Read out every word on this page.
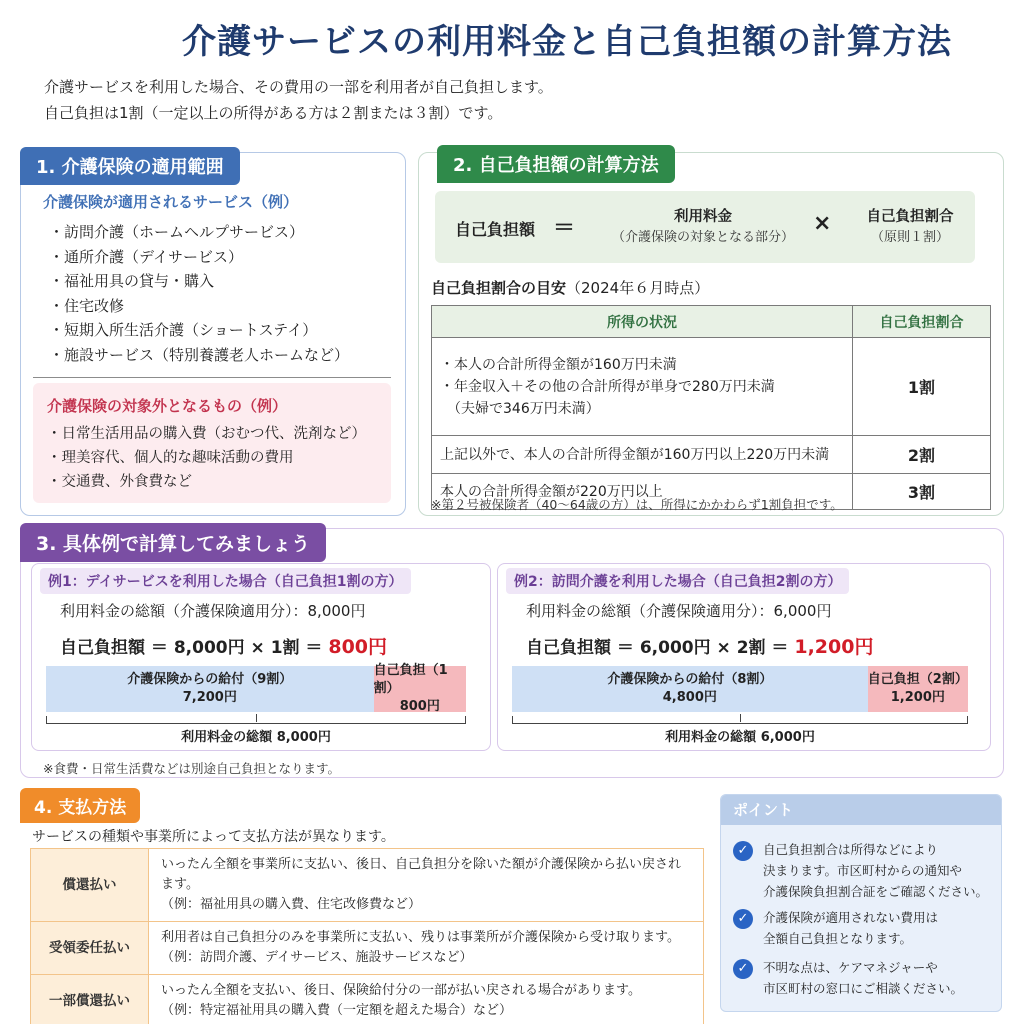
介護サービスの利用料金と自己負担額の計算方法
介護サービスを利用した場合、その費用の一部を利用者が自己負担します。
自己負担は1割（一定以上の所得がある方は２割または３割）です。
1. 介護保険の適用範囲
介護保険が適用されるサービス（例）
・訪問介護（ホームヘルプサービス）
・通所介護（デイサービス）
・福祉用具の貸与・購入
・住宅改修
・短期入所生活介護（ショートステイ）
・施設サービス（特別養護老人ホームなど）
介護保険の対象外となるもの（例）
・日常生活用品の購入費（おむつ代、洗剤など）
・理美容代、個人的な趣味活動の費用
・交通費、外食費など
2. 自己負担額の計算方法
自己負担額 ＝	利用料金
（介護保険の対象となる部分）
×	自己負担割合
（原則１割）
自己負担割合の目安（2024年６月時点）
所得の状況	自己負担割合

・本人の合計所得金額が160万円未満
・年金収入＋その他の合計所得が単身で280万円未満
　（夫婦で346万円未満）	1割

上記以外で、本人の合計所得金額が160万円以上220万円未満	2割

本人の合計所得金額が220万円以上	3割
※第２号被保険者（40〜64歳の方）は、所得にかかわらず1割負担です。
3. 具体例で計算してみましょう
例1：デイサービスを利用した場合（自己負担1割の方）
利用料金の総額（介護保険適用分）：8,000円
自己負担額 ＝ 8,000円 × 1割 ＝ 800円
介護保険からの給付（9割）
7,200円
自己負担（1割）
800円
利用料金の総額 8,000円
例2：訪問介護を利用した場合（自己負担2割の方）
利用料金の総額（介護保険適用分）：6,000円
自己負担額 ＝ 6,000円 × 2割 ＝ 1,200円
介護保険からの給付（8割）
4,800円
自己負担（2割）
1,200円
利用料金の総額 6,000円
※食費・日常生活費などは別途自己負担となります。
4. 支払方法
サービスの種類や事業所によって支払方法が異なります。
償還払い	いったん全額を事業所に支払い、後日、自己負担分を除いた額が介護保険から払い戻されます。
（例：福祉用具の購入費、住宅改修費など）

受領委任払い	利用者は自己負担分のみを事業所に支払い、残りは事業所が介護保険から受け取ります。
（例：訪問介護、デイサービス、施設サービスなど）

一部償還払い	いったん全額を支払い、後日、保険給付分の一部が払い戻される場合があります。
（例：特定福祉用具の購入費（一定額を超えた場合）など）
ポイント
✓	自己負担割合は所得などにより
決まります。市区町村からの通知や
介護保険負担割合証をご確認ください。
✓	介護保険が適用されない費用は
全額自己負担となります。
✓	不明な点は、ケアマネジャーや
市区町村の窓口にご相談ください。
